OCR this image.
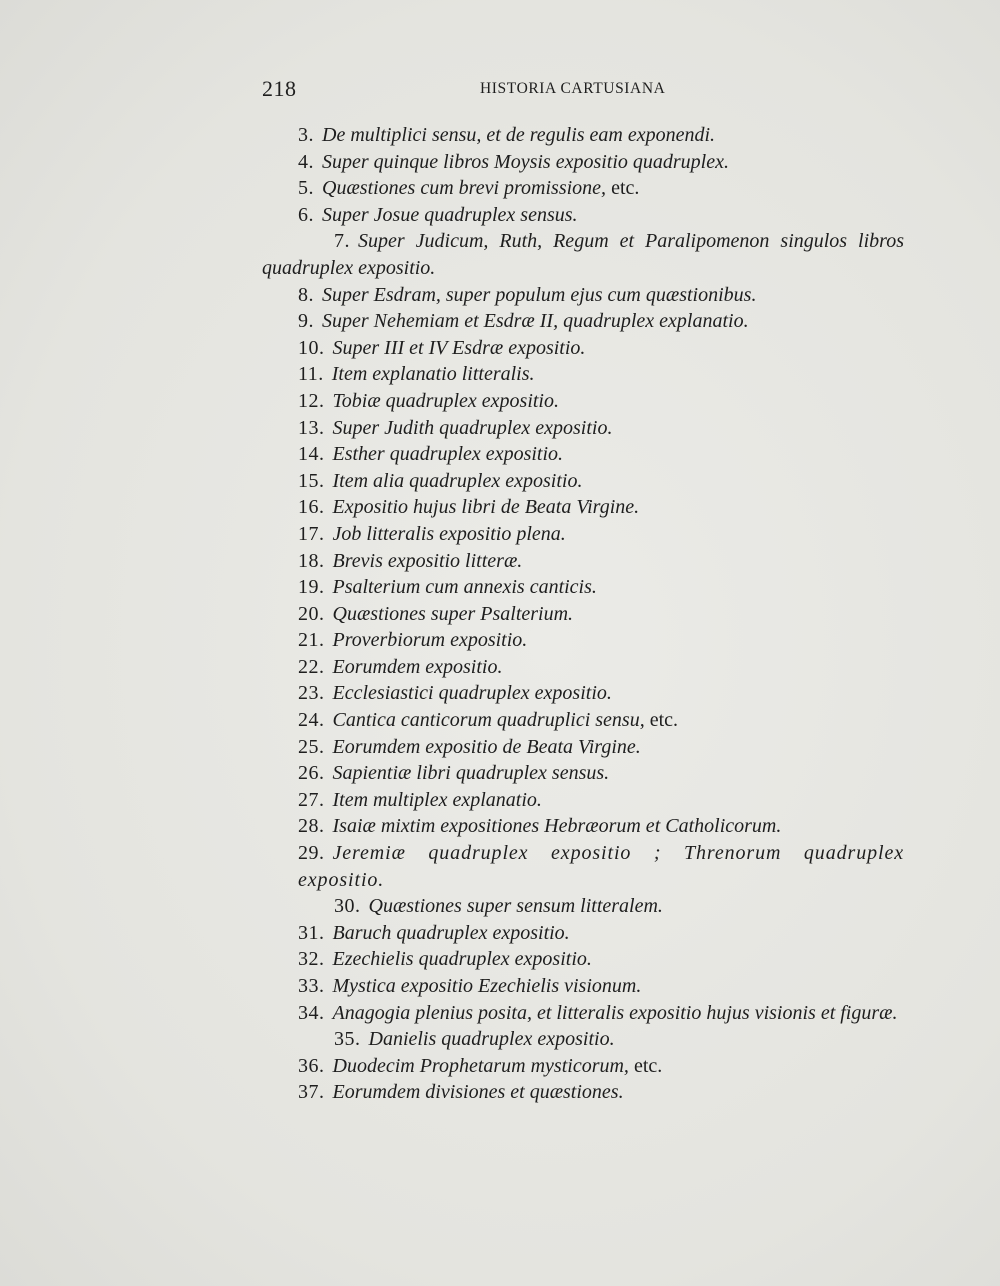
218	HISTORIA CARTUSIANA
3. De multiplici sensu, et de regulis eam exponendi.
4. Super quinque libros Moysis expositio quadruplex.
5. Quæstiones cum brevi promissione, etc.
6. Super Josue quadruplex sensus.
7. Super Judicum, Ruth, Regum et Paralipomenon singulos libros quadruplex expositio.
8. Super Esdram, super populum ejus cum quæstionibus.
9. Super Nehemiam et Esdræ II, quadruplex explanatio.
10. Super III et IV Esdræ expositio.
11. Item explanatio litteralis.
12. Tobiæ quadruplex expositio.
13. Super Judith quadruplex expositio.
14. Esther quadruplex expositio.
15. Item alia quadruplex expositio.
16. Expositio hujus libri de Beata Virgine.
17. Job litteralis expositio plena.
18. Brevis expositio litteræ.
19. Psalterium cum annexis canticis.
20. Quæstiones super Psalterium.
21. Proverbiorum expositio.
22. Eorumdem expositio.
23. Ecclesiastici quadruplex expositio.
24. Cantica canticorum quadruplici sensu, etc.
25. Eorumdem expositio de Beata Virgine.
26. Sapientiæ libri quadruplex sensus.
27. Item multiplex explanatio.
28. Isaiæ mixtim expositiones Hebræorum et Catholicorum.
29. Jeremiæ quadruplex expositio ; Threnorum quadruplex expositio.
30. Quæstiones super sensum litteralem.
31. Baruch quadruplex expositio.
32. Ezechielis quadruplex expositio.
33. Mystica expositio Ezechielis visionum.
34. Anagogia plenius posita, et litteralis expositio hujus visionis et figuræ.
35. Danielis quadruplex expositio.
36. Duodecim Prophetarum mysticorum, etc.
37. Eorumdem divisiones et quæstiones.
